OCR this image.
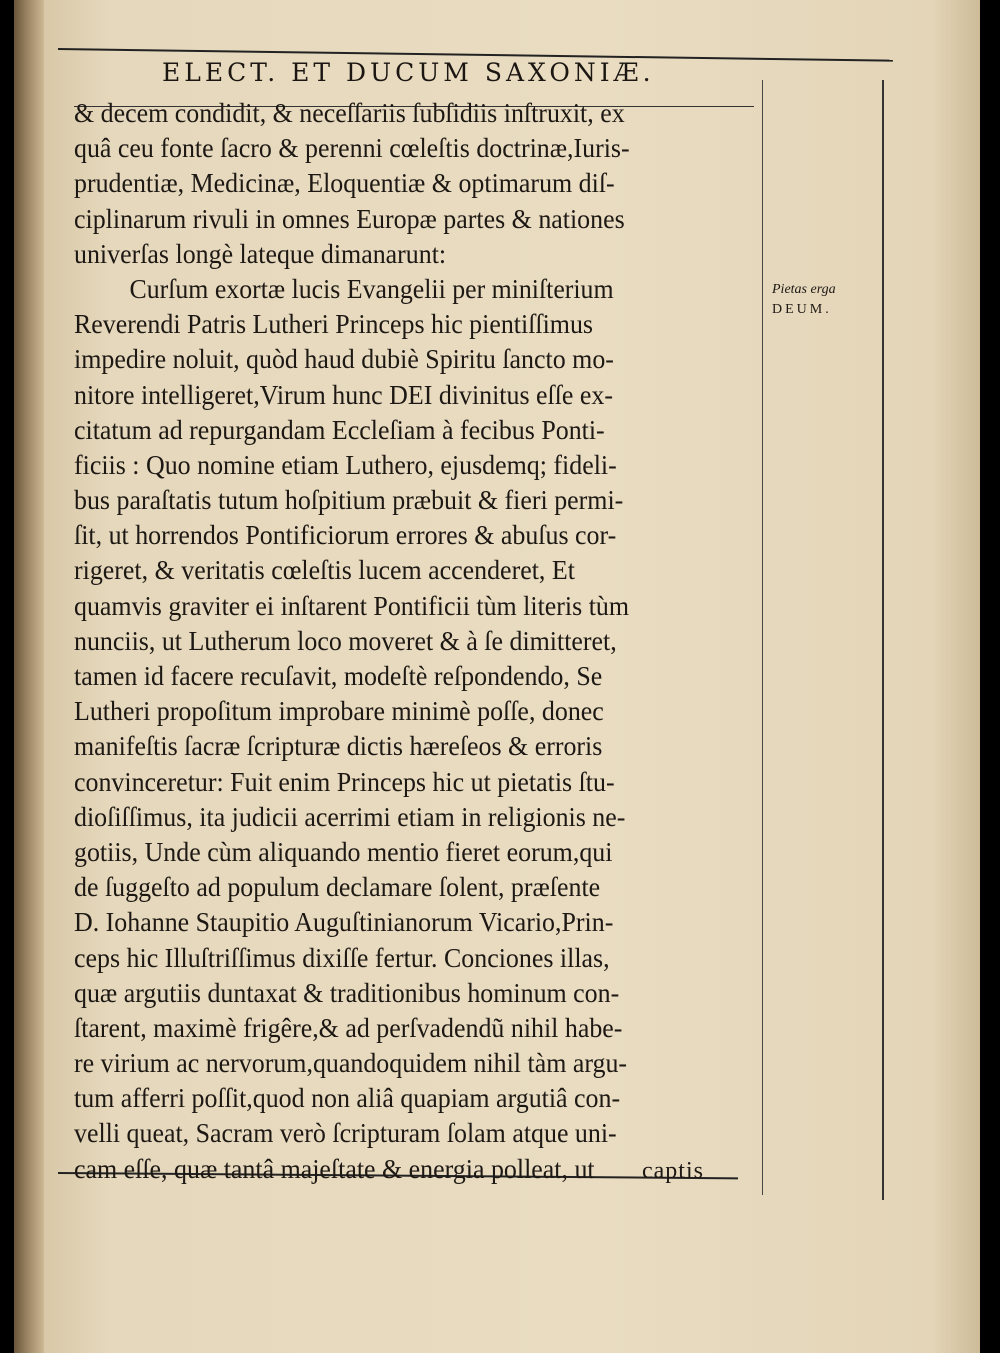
ELECT. ET DUCUM SAXONIÆ.
& decem condidit, & neceſſariis ſubſidiis inſtruxit, ex
quâ ceu fonte ſacro & perenni cœleſtis doctrinæ,Iuris-
prudentiæ, Medicinæ, Eloquentiæ & optimarum diſ-
ciplinarum rivuli in omnes Europæ partes & nationes
univerſas longè lateque dimanarunt:
Curſum exortæ lucis Evangelii per miniſterium
Reverendi Patris Lutheri Princeps hic pientiſſimus
impedire noluit, quòd haud dubiè Spiritu ſancto mo-
nitore intelligeret,Virum hunc DEI divinitus eſſe ex-
citatum ad repurgandam Eccleſiam à fecibus Ponti-
ficiis : Quo nomine etiam Luthero, ejusdemq; fideli-
bus paraſtatis tutum hoſpitium præbuit & fieri permi-
ſit, ut horrendos Pontificiorum errores & abuſus cor-
rigeret, & veritatis cœleſtis lucem accenderet, Et
quamvis graviter ei inſtarent Pontificii tùm literis tùm
nunciis, ut Lutherum loco moveret & à ſe dimitteret,
tamen id facere recuſavit, modeſtè reſpondendo, Se
Lutheri propoſitum improbare minimè poſſe, donec
manifeſtis ſacræ ſcripturæ dictis hæreſeos & erroris
convinceretur: Fuit enim Princeps hic ut pietatis ſtu-
dioſiſſimus, ita judicii acerrimi etiam in religionis ne-
gotiis, Unde cùm aliquando mentio fieret eorum,qui
de ſuggeſto ad populum declamare ſolent, præſente
D. Iohanne Staupitio Auguſtinianorum Vicario,Prin-
ceps hic Illuſtriſſimus dixiſſe fertur. Conciones illas,
quæ argutiis duntaxat & traditionibus hominum con-
ſtarent, maximè frigêre,& ad perſvadendũ nihil habe-
re virium ac nervorum,quandoquidem nihil tàm argu-
tum afferri poſſit,quod non aliâ quapiam argutiâ con-
velli queat, Sacram verò ſcripturam ſolam atque uni-
cam eſſe, quæ tantâ majeſtate & energia polleat, ut
Pietas erga
DEUM.
captis
